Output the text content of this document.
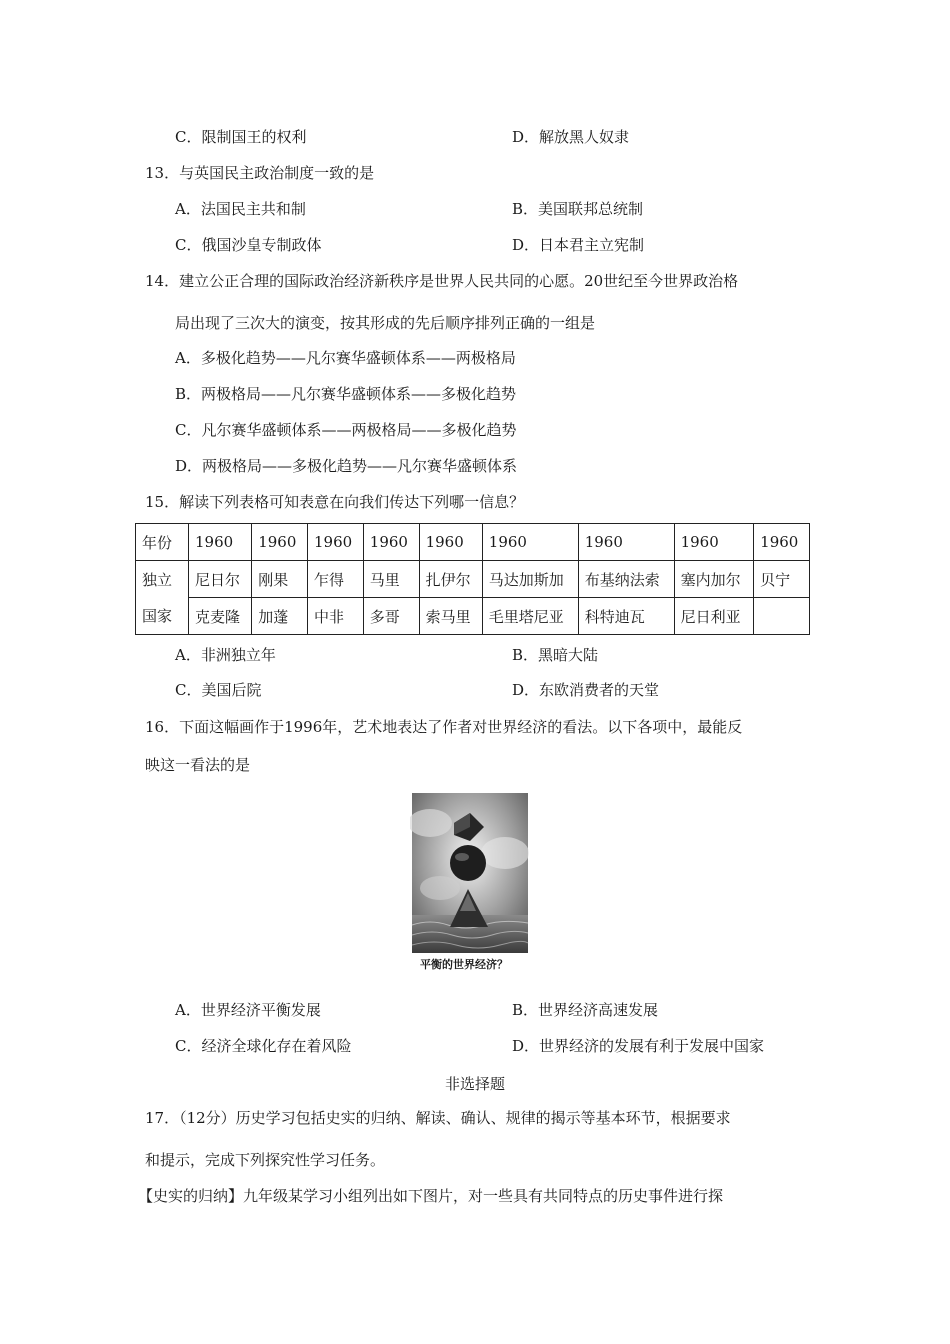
C．限制国王的权利	D．解放黑人奴隶
13．与英国民主政治制度一致的是
A．法国民主共和制	B．美国联邦总统制
C．俄国沙皇专制政体	D．日本君主立宪制
14．建立公正合理的国际政治经济新秩序是世界人民共同的心愿。20世纪至今世界政治格
局出现了三次大的演变，按其形成的先后顺序排列正确的一组是
A．多极化趋势——凡尔赛华盛顿体系——两极格局
B．两极格局——凡尔赛华盛顿体系——多极化趋势
C．凡尔赛华盛顿体系——两极格局——多极化趋势
D．两极格局——多极化趋势——凡尔赛华盛顿体系
15．解读下列表格可知表意在向我们传达下列哪一信息？
年份	1960	1960	1960	1960	1960	1960	1960	1960	1960
独立	尼日尔	刚果	乍得	马里	扎伊尔	马达加斯加	布基纳法索	塞内加尔	贝宁
国家	克麦隆	加蓬	中非	多哥	索马里	毛里塔尼亚	科特迪瓦	尼日利亚	
A．非洲独立年	B．黑暗大陆
C．美国后院	D．东欧消费者的天堂
16．下面这幅画作于1996年，艺术地表达了作者对世界经济的看法。以下各项中，最能反
映这一看法的是
平衡的世界经济？
A．世界经济平衡发展	B．世界经济高速发展
C．经济全球化存在着风险	D．世界经济的发展有利于发展中国家
非选择题
17．（12分）历史学习包括史实的归纳、解读、确认、规律的揭示等基本环节，根据要求
和提示，完成下列探究性学习任务。
【史实的归纳】九年级某学习小组列出如下图片，对一些具有共同特点的历史事件进行探
